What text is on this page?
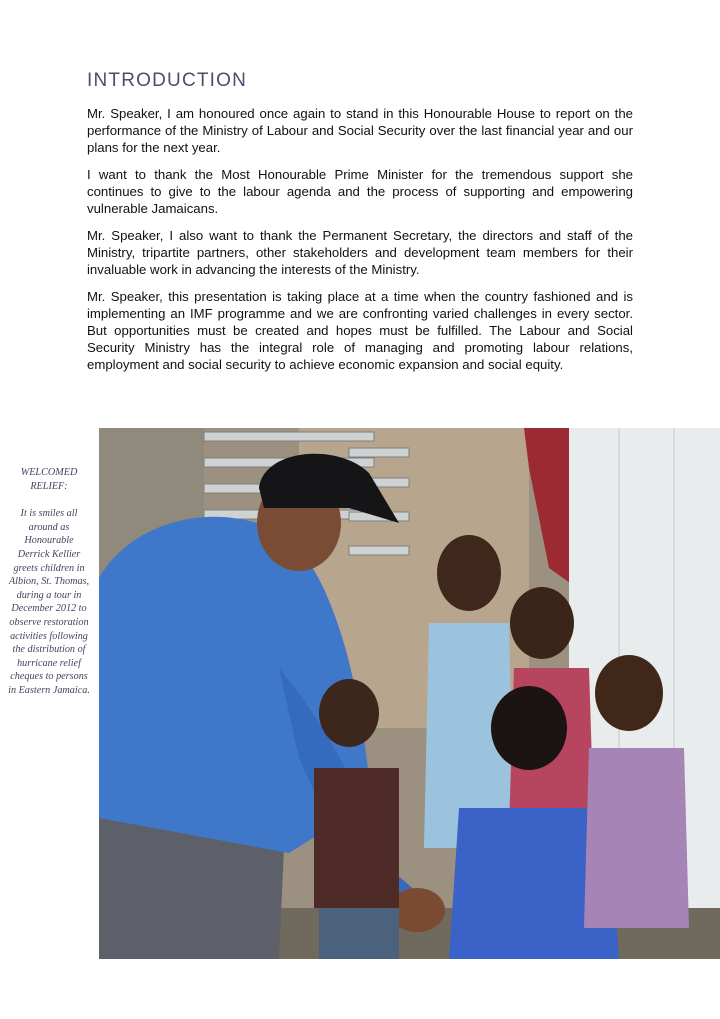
INTRODUCTION

Mr. Speaker, I am honoured once again to stand in this Honourable House to report on the performance of the Ministry of Labour and Social Security over the last financial year and our plans for the next year.

I want to thank the Most Honourable Prime Minister for the tremendous support she continues to give to the labour agenda and the process of supporting and empowering vulnerable Jamaicans.

Mr. Speaker, I also want to thank the Permanent Secretary, the directors and staff of the Ministry, tripartite partners, other stakeholders and development team members for their invaluable work in advancing the interests of the Ministry.

Mr. Speaker, this presentation is taking place at a time when the country fashioned and is implementing an IMF programme and we are confronting varied challenges in every sector. But opportunities must be created and hopes must be fulfilled. The Labour and Social Security Ministry has the integral role of managing and promoting labour relations, employment and social security to achieve economic expansion and social equity.

WELCOMED RELIEF:
It is smiles all around as Honourable Derrick Kellier greets children in Albion, St. Thomas, during a tour in December 2012 to observe restoration activities following the distribution of hurricane relief cheques to persons in Eastern Jamaica.
